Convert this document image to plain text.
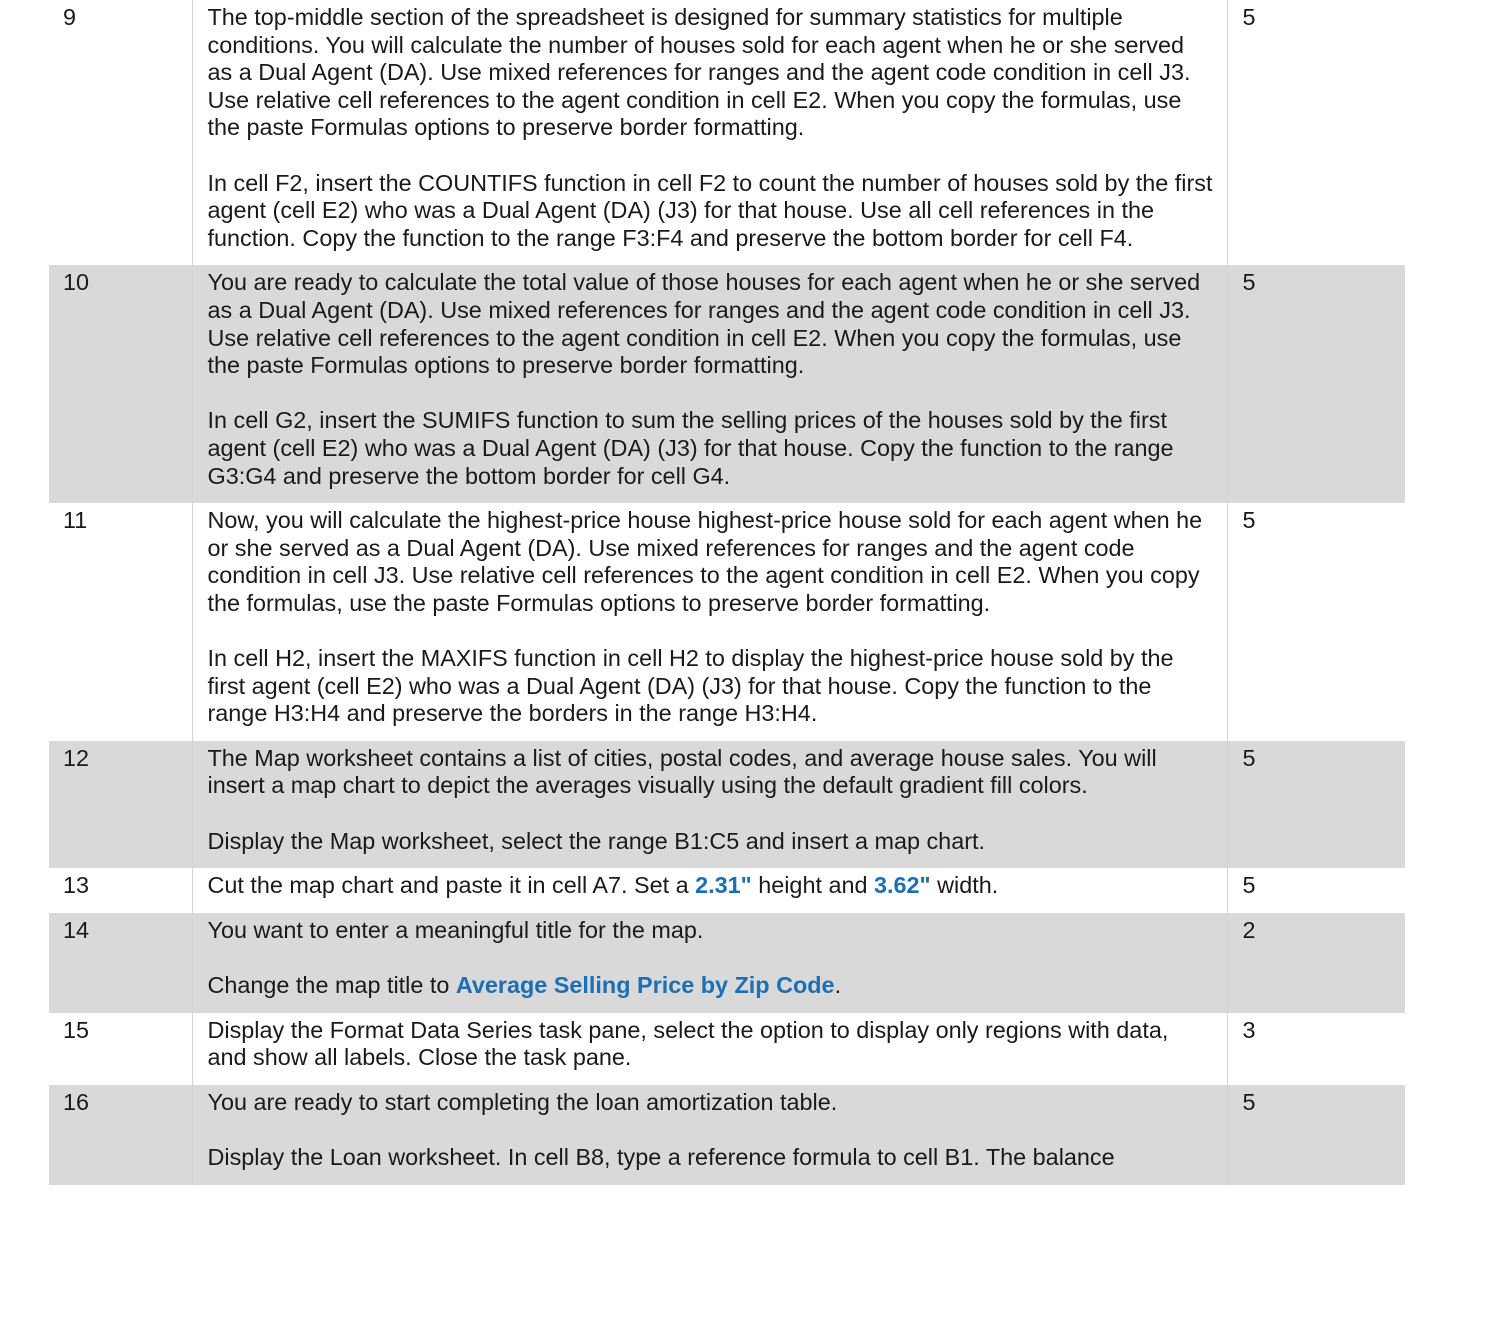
9	The top-middle section of the spreadsheet is designed for summary statistics for multiple conditions. You will calculate the number of houses sold for each agent when he or she served as a Dual Agent (DA). Use mixed references for ranges and the agent code condition in cell J3. Use relative cell references to the agent condition in cell E2. When you copy the formulas, use the paste Formulas options to preserve border formatting.

In cell F2, insert the COUNTIFS function in cell F2 to count the number of houses sold by the first agent (cell E2) who was a Dual Agent (DA) (J3) for that house. Use all cell references in the function. Copy the function to the range F3:F4 and preserve the bottom border for cell F4.	5
10	You are ready to calculate the total value of those houses for each agent when he or she served as a Dual Agent (DA). Use mixed references for ranges and the agent code condition in cell J3. Use relative cell references to the agent condition in cell E2. When you copy the formulas, use the paste Formulas options to preserve border formatting.

In cell G2, insert the SUMIFS function to sum the selling prices of the houses sold by the first agent (cell E2) who was a Dual Agent (DA) (J3) for that house. Copy the function to the range G3:G4 and preserve the bottom border for cell G4.	5
11	Now, you will calculate the highest-price house highest-price house sold for each agent when he or she served as a Dual Agent (DA). Use mixed references for ranges and the agent code condition in cell J3. Use relative cell references to the agent condition in cell E2. When you copy the formulas, use the paste Formulas options to preserve border formatting.

In cell H2, insert the MAXIFS function in cell H2 to display the highest-price house sold by the first agent (cell E2) who was a Dual Agent (DA) (J3) for that house. Copy the function to the range H3:H4 and preserve the borders in the range H3:H4.	5
12	The Map worksheet contains a list of cities, postal codes, and average house sales. You will insert a map chart to depict the averages visually using the default gradient fill colors.

Display the Map worksheet, select the range B1:C5 and insert a map chart.	5
13	Cut the map chart and paste it in cell A7. Set a 2.31" height and 3.62" width.	5
14	You want to enter a meaningful title for the map.

Change the map title to Average Selling Price by Zip Code.	2
15	Display the Format Data Series task pane, select the option to display only regions with data, and show all labels. Close the task pane.	3
16	You are ready to start completing the loan amortization table.

Display the Loan worksheet. In cell B8, type a reference formula to cell B1. The balance	5
